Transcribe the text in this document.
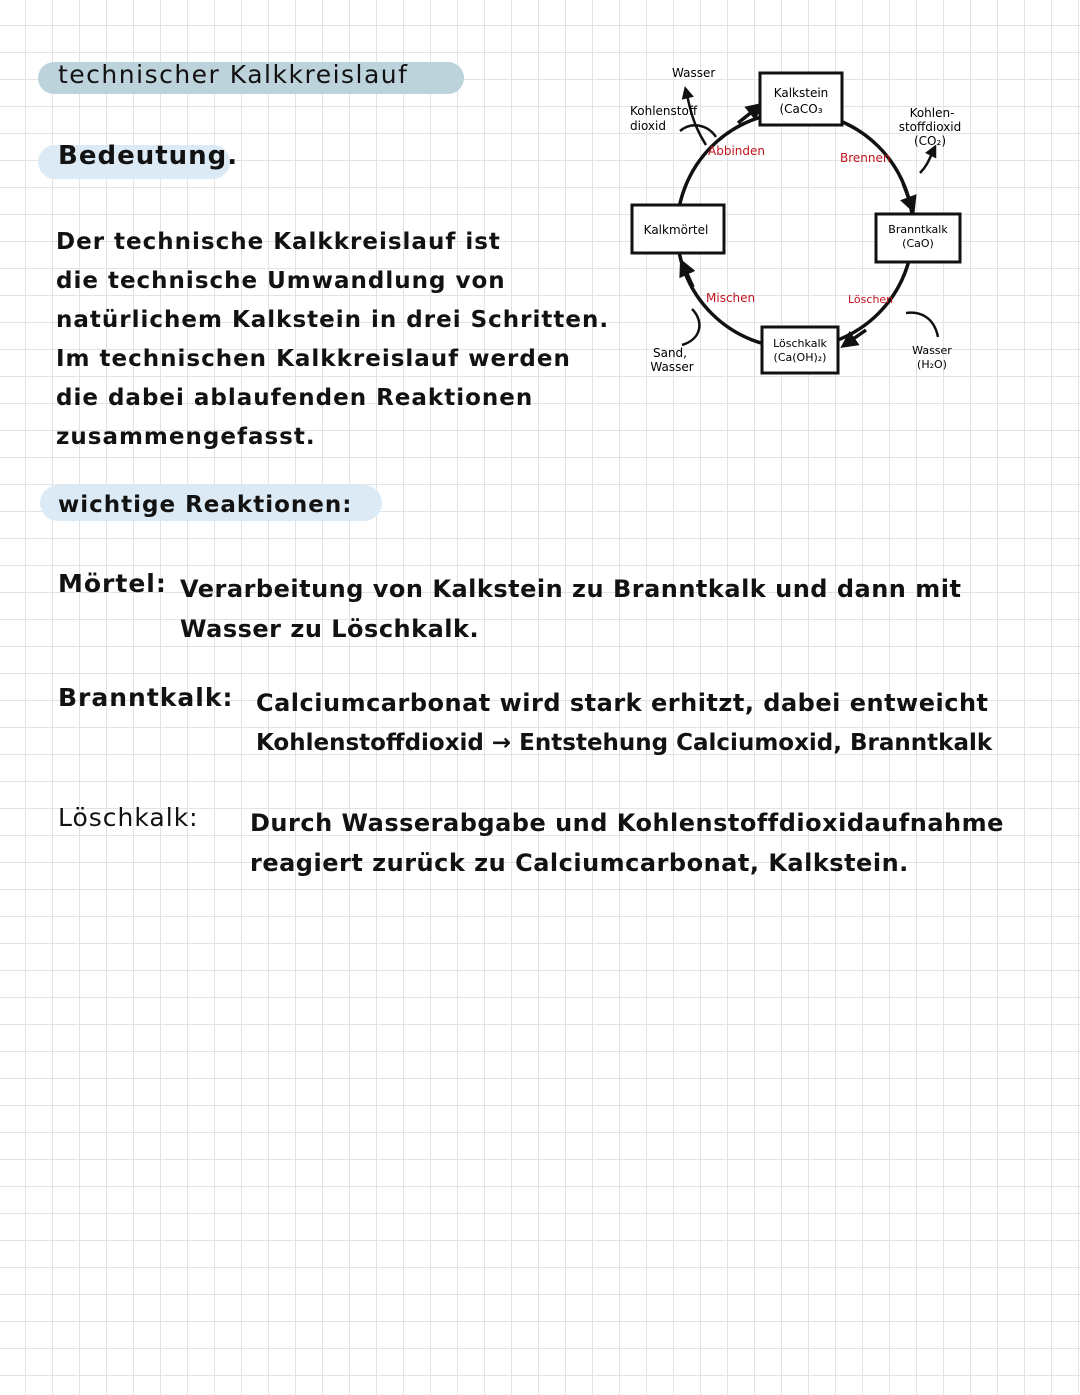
technischer Kalkkreislauf
Bedeutung.
Der technische Kalkkreislauf ist
die technische Umwandlung von
natürlichem Kalkstein in drei Schritten.
Im technischen Kalkkreislauf werden
die dabei ablaufenden Reaktionen
zusammengefasst.
Kalkstein
(CaCO₃
Branntkalk
(CaO)
Löschkalk
(Ca(OH)₂)
Kalkmörtel
Abbinden	Brennen
Löschen
Mischen
Wasser
Kohlenstoff
dioxid
Kohlen-
stoffdioxid
(CO₂)
Wasser
(H₂O)
Sand,
Wasser
wichtige Reaktionen:
Mörtel: Verarbeitung von Kalkstein zu Branntkalk und dann mit
Wasser zu Löschkalk.
Branntkalk: Calciumcarbonat wird stark erhitzt, dabei entweicht
Kohlenstoffdioxid → Entstehung Calciumoxid, Branntkalk
Löschkalk: Durch Wasserabgabe und Kohlenstoffdioxidaufnahme
reagiert zurück zu Calciumcarbonat, Kalkstein.
